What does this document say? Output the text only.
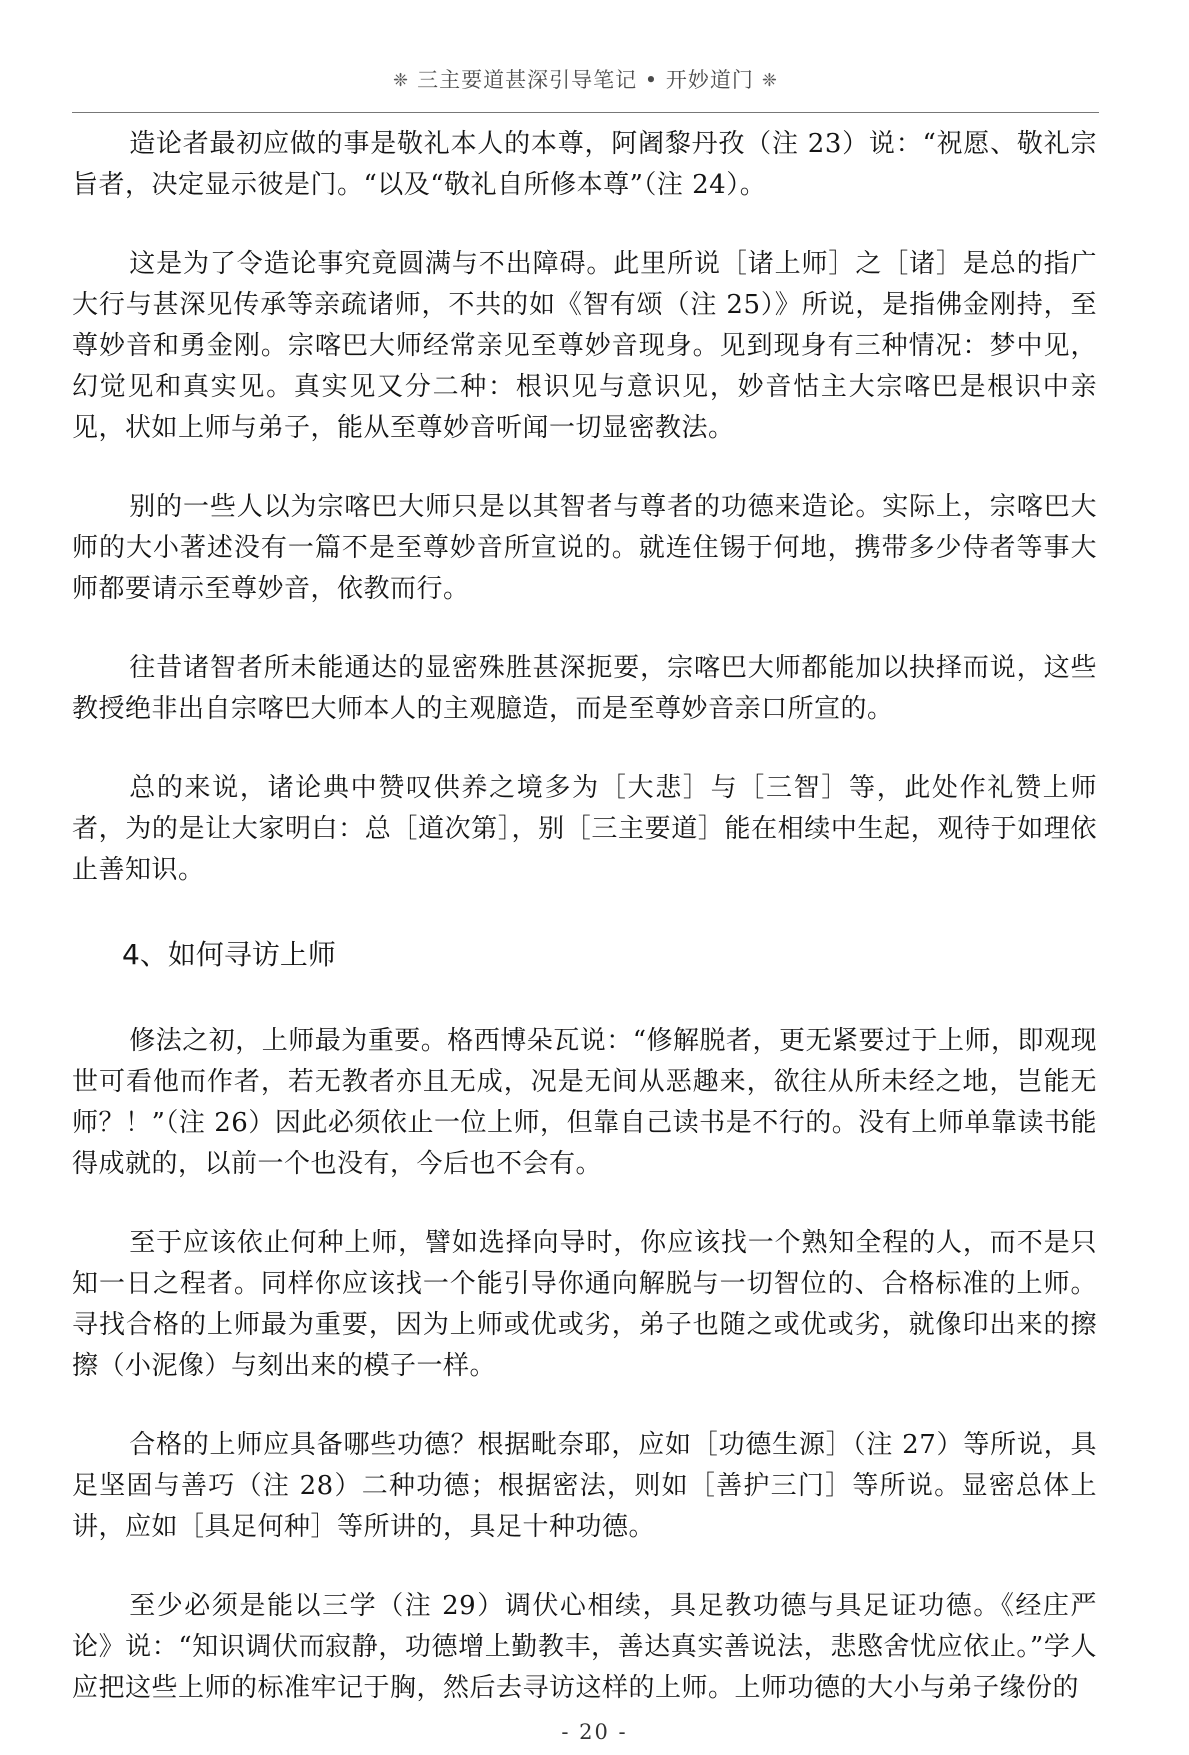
❈ 三主要道甚深引导笔记 • 开妙道门 ❈

造论者最初应做的事是敬礼本人的本尊，阿阇黎丹孜（注 23）说：“祝愿、敬礼宗旨者，决定显示彼是门。“以及“敬礼自所修本尊”（注 24）。

这是为了令造论事究竟圆满与不出障碍。此里所说［诸上师］之［诸］是总的指广大行与甚深见传承等亲疏诸师，不共的如《智有颂（注 25）》所说，是指佛金刚持，至尊妙音和勇金刚。宗喀巴大师经常亲见至尊妙音现身。见到现身有三种情况：梦中见，幻觉见和真实见。真实见又分二种：根识见与意识见，妙音怙主大宗喀巴是根识中亲见，状如上师与弟子，能从至尊妙音听闻一切显密教法。

别的一些人以为宗喀巴大师只是以其智者与尊者的功德来造论。实际上，宗喀巴大师的大小著述没有一篇不是至尊妙音所宣说的。就连住锡于何地，携带多少侍者等事大师都要请示至尊妙音，依教而行。

往昔诸智者所未能通达的显密殊胜甚深扼要，宗喀巴大师都能加以抉择而说，这些教授绝非出自宗喀巴大师本人的主观臆造，而是至尊妙音亲口所宣的。

总的来说，诸论典中赞叹供养之境多为［大悲］与［三智］等，此处作礼赞上师者，为的是让大家明白：总［道次第］，别［三主要道］能在相续中生起，观待于如理依止善知识。

4、如何寻访上师

修法之初，上师最为重要。格西博朵瓦说：“修解脱者，更无紧要过于上师，即观现世可看他而作者，若无教者亦且无成，况是无间从恶趣来，欲往从所未经之地，岂能无师？！”（注 26）因此必须依止一位上师，但靠自己读书是不行的。没有上师单靠读书能得成就的，以前一个也没有，今后也不会有。

至于应该依止何种上师，譬如选择向导时，你应该找一个熟知全程的人，而不是只知一日之程者。同样你应该找一个能引导你通向解脱与一切智位的、合格标准的上师。寻找合格的上师最为重要，因为上师或优或劣，弟子也随之或优或劣，就像印出来的擦擦（小泥像）与刻出来的模子一样。

合格的上师应具备哪些功德？根据毗奈耶，应如［功德生源］（注 27）等所说，具足坚固与善巧（注 28）二种功德；根据密法，则如［善护三门］等所说。显密总体上讲，应如［具足何种］等所讲的，具足十种功德。

至少必须是能以三学（注 29）调伏心相续，具足教功德与具足证功德。《经庄严论》说：“知识调伏而寂静，功德增上勤教丰，善达真实善说法，悲愍舍忧应依止。”学人应把这些上师的标准牢记于胸，然后去寻访这样的上师。上师功德的大小与弟子缘份的

- 20 -
